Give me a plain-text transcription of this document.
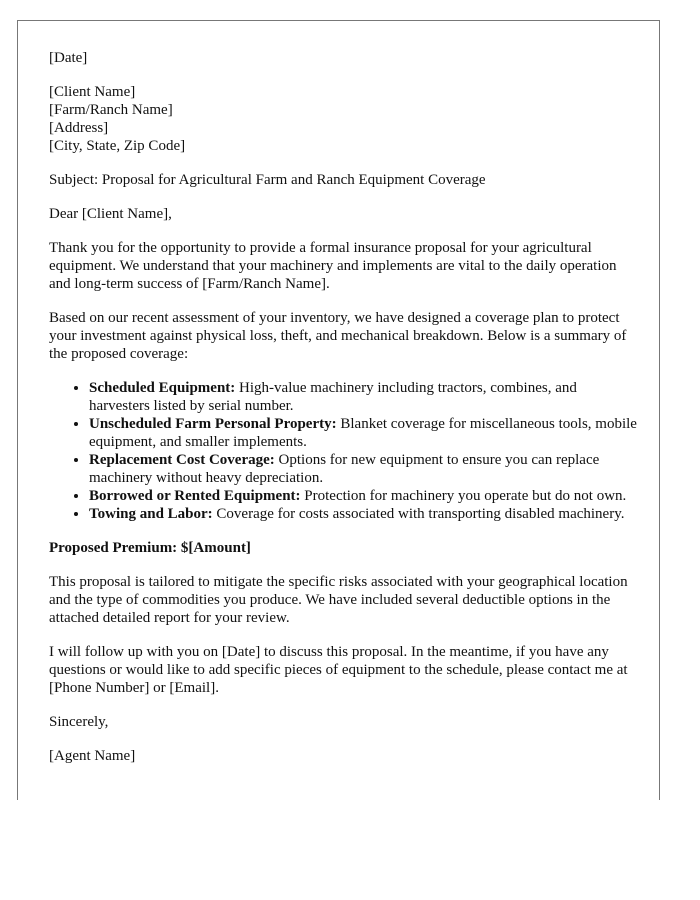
[Date]

[Client Name]
[Farm/Ranch Name]
[Address]
[City, State, Zip Code]

Subject: Proposal for Agricultural Farm and Ranch Equipment Coverage

Dear [Client Name],

Thank you for the opportunity to provide a formal insurance proposal for your agricultural equipment. We understand that your machinery and implements are vital to the daily operation and long-term success of [Farm/Ranch Name].

Based on our recent assessment of your inventory, we have designed a coverage plan to protect your investment against physical loss, theft, and mechanical breakdown. Below is a summary of the proposed coverage:

• Scheduled Equipment: High-value machinery including tractors, combines, and harvesters listed by serial number.
• Unscheduled Farm Personal Property: Blanket coverage for miscellaneous tools, mobile equipment, and smaller implements.
• Replacement Cost Coverage: Options for new equipment to ensure you can replace machinery without heavy depreciation.
• Borrowed or Rented Equipment: Protection for machinery you operate but do not own.
• Towing and Labor: Coverage for costs associated with transporting disabled machinery.

Proposed Premium: $[Amount]

This proposal is tailored to mitigate the specific risks associated with your geographical location and the type of commodities you produce. We have included several deductible options in the attached detailed report for your review.

I will follow up with you on [Date] to discuss this proposal. In the meantime, if you have any questions or would like to add specific pieces of equipment to the schedule, please contact me at [Phone Number] or [Email].

Sincerely,

[Agent Name]
